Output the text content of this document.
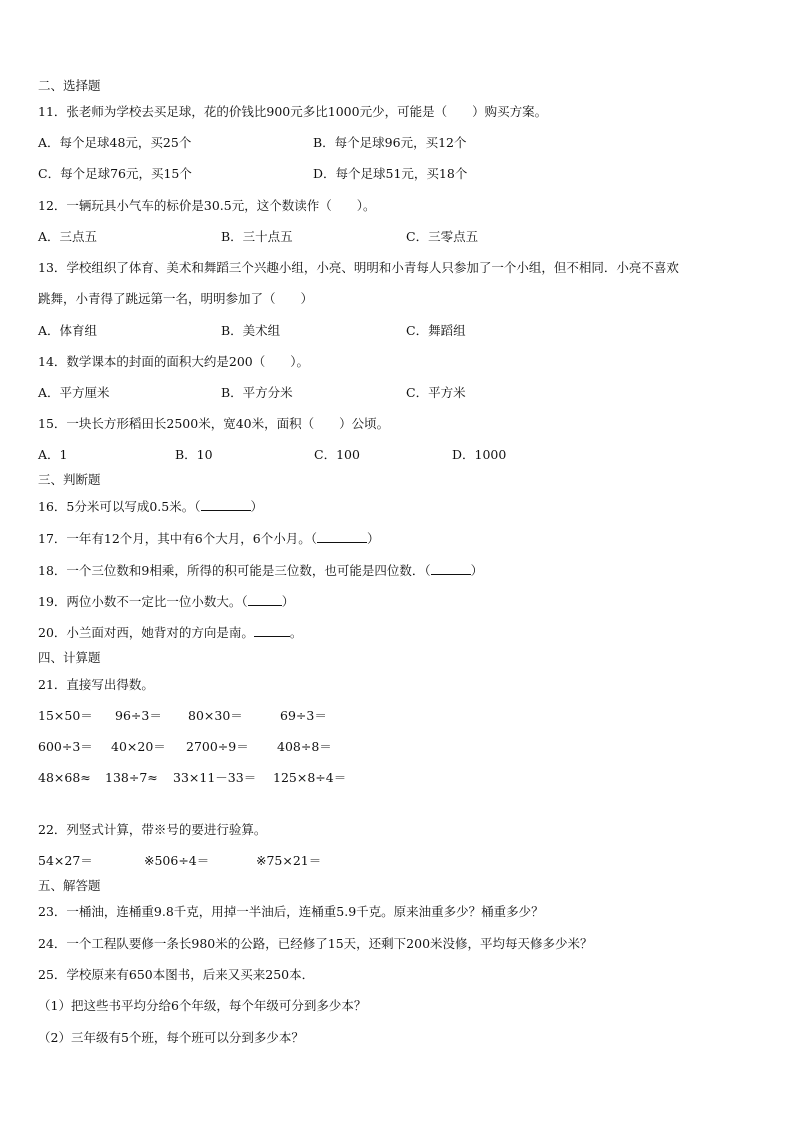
二、选择题
11．张老师为学校去买足球，花的价钱比900元多比1000元少，可能是（　　）购买方案。
A．每个足球48元，买25个	B．每个足球96元，买12个
C．每个足球76元，买15个	D．每个足球51元，买18个
12．一辆玩具小气车的标价是30.5元，这个数读作（　　）。
A．三点五	B．三十点五	C．三零点五
13．学校组织了体育、美术和舞蹈三个兴趣小组，小亮、明明和小青每人只参加了一个小组，但不相同．小亮不喜欢
跳舞，小青得了跳远第一名，明明参加了（　　）
A．体育组	B．美术组	C．舞蹈组
14．数学课本的封面的面积大约是200（　　）。
A．平方厘米	B．平方分米	C．平方米
15．一块长方形稻田长2500米，宽40米，面积（　　）公顷。
A．1	B．10	C．100	D．1000
三、判断题
16．5分米可以写成0.5米。（	）
17．一年有12个月，其中有6个大月，6个小月。（	）
18．一个三位数和9相乘，所得的积可能是三位数，也可能是四位数．（	）
19．两位小数不一定比一位小数大。（	）
20．小兰面对西，她背对的方向是南。	。
四、计算题
21．直接写出得数。
15×50＝ 96÷3＝ 80×30＝	69÷3＝
600÷3＝ 40×20＝ 2700÷9＝ 408÷8＝
48×68≈ 138÷7≈ 33×11－33＝ 125×8÷4＝
22．列竖式计算，带※号的要进行验算。
54×27＝	※506÷4＝	※75×21＝
五、解答题
23．一桶油，连桶重9.8千克，用掉一半油后，连桶重5.9千克。原来油重多少？桶重多少？
24．一个工程队要修一条长980米的公路，已经修了15天，还剩下200米没修，平均每天修多少米？
25．学校原来有650本图书，后来又买来250本．
（1）把这些书平均分给6个年级，每个年级可分到多少本？
（2）三年级有5个班，每个班可以分到多少本？
